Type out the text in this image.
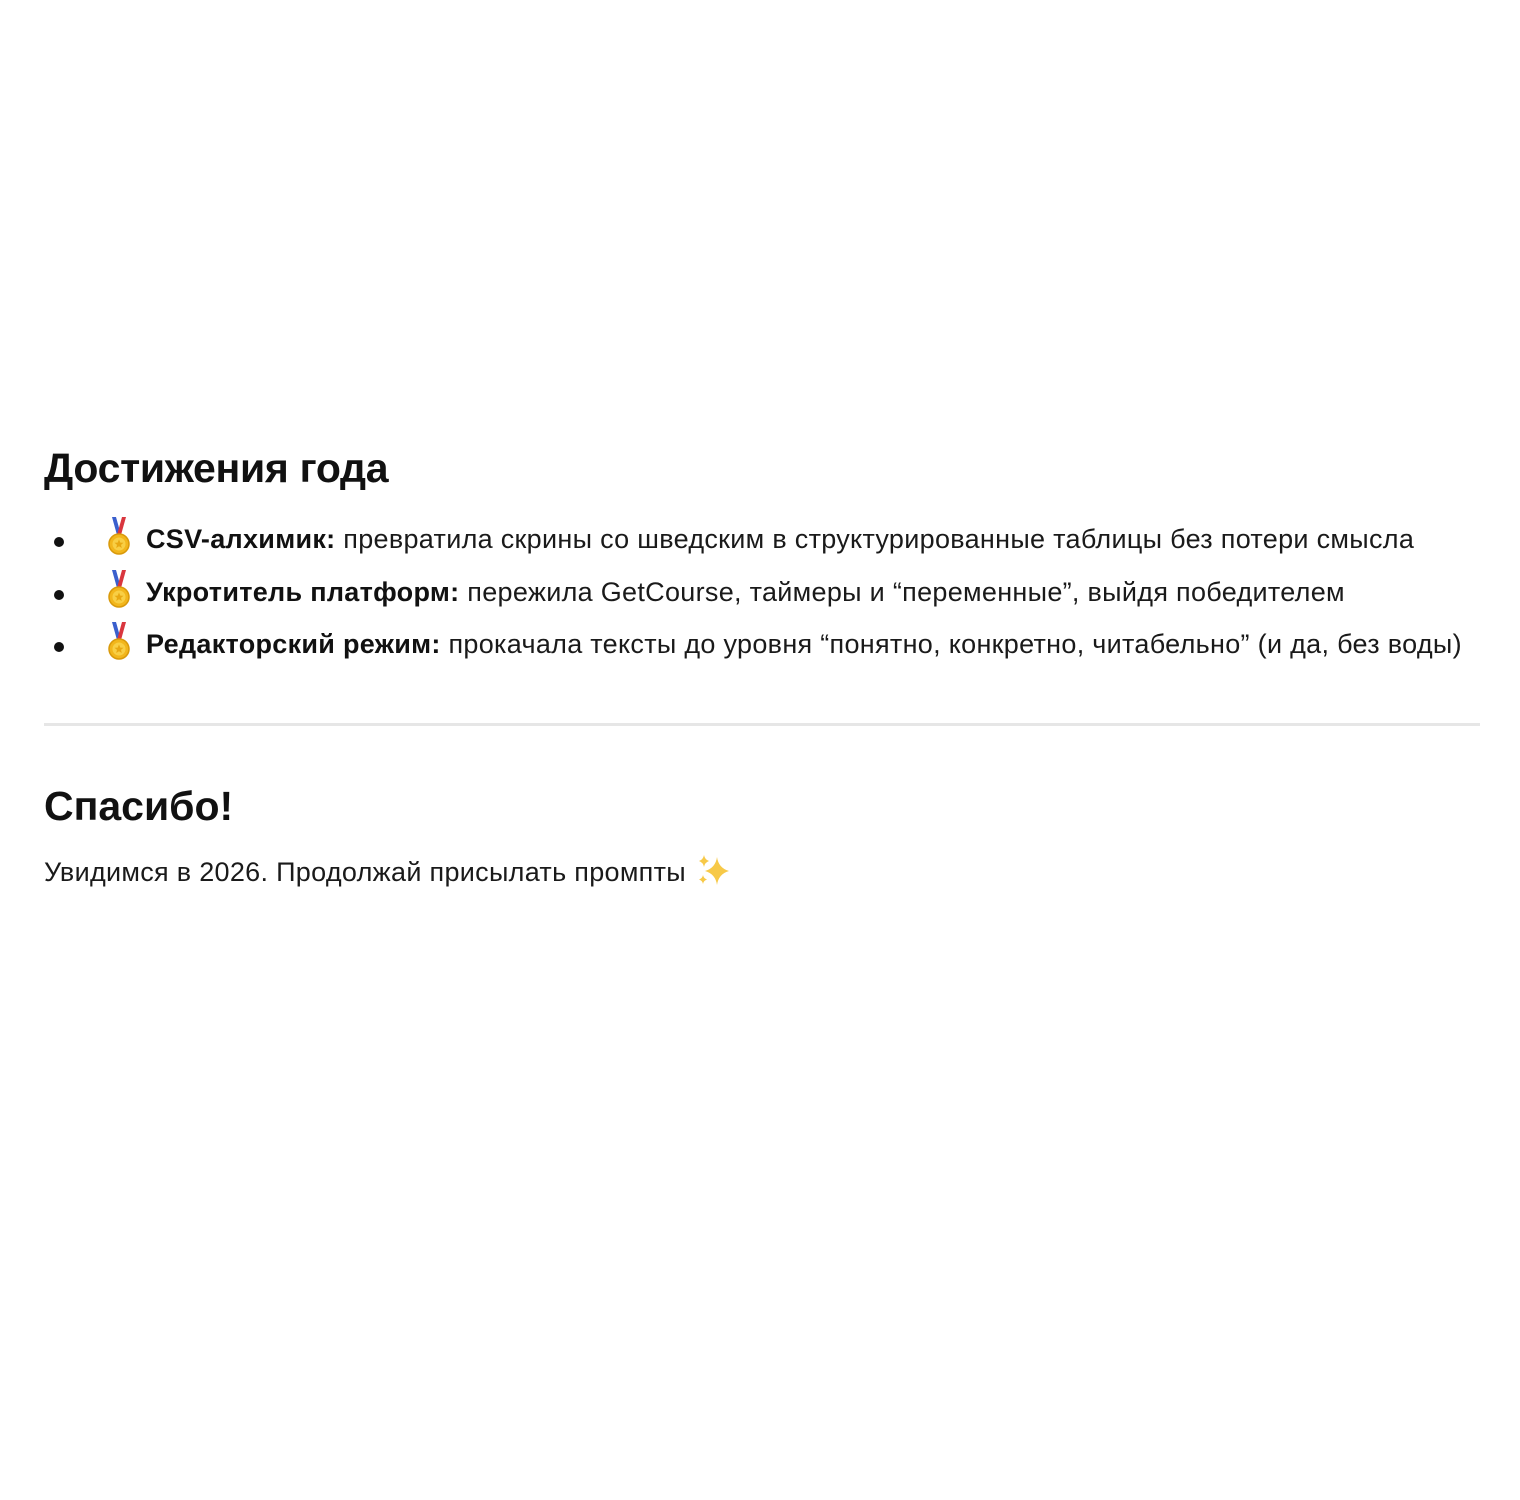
Достижения года
CSV-алхимик: превратила скрины со шведским в структурированные таблицы без потери смысла
Укротитель платформ: пережила GetCourse, таймеры и “переменные”, выйдя победителем
Редакторский режим: прокачала тексты до уровня “понятно, конкретно, читабельно” (и да, без воды)
Спасибо!

Увидимся в 2026. Продолжай присылать промпты
